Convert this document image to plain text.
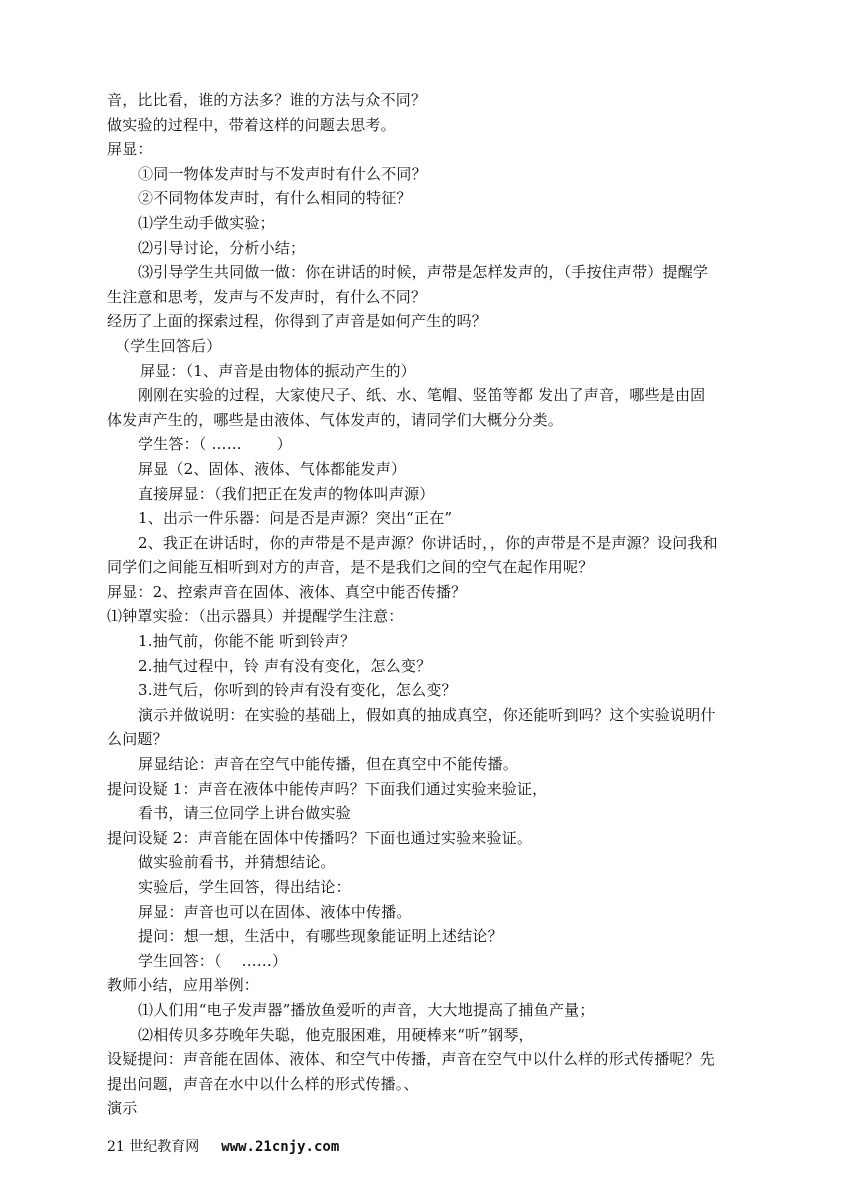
音，比比看，谁的方法多？谁的方法与众不同？
做实验的过程中，带着这样的问题去思考。
屏显：
①同一物体发声时与不发声时有什么不同？
②不同物体发声时，有什么相同的特征？
⑴学生动手做实验；
⑵引导讨论，分析小结；
⑶引导学生共同做一做：你在讲话的时候，声带是怎样发声的，（手按住声带）提醒学
生注意和思考，发声与不发声时，有什么不同？
经历了上面的探索过程，你得到了声音是如何产生的吗？
（学生回答后）
屏显：（1、声音是由物体的振动产生的）
刚刚在实验的过程，大家使尺子、纸、水、笔帽、竖笛等都 发出了声音，哪些是由固
体发声产生的，哪些是由液体、气体发声的，请同学们大概分分类。
学生答：（ ……       ）
屏显（2、固体、液体、气体都能发声）
直接屏显：（我们把正在发声的物体叫声源）
1、出示一件乐器：问是否是声源？突出“正在”
2、我正在讲话时，你的声带是不是声源？你讲话时，，你的声带是不是声源？设问我和
同学们之间能互相听到对方的声音，是不是我们之间的空气在起作用呢？
屏显：2、控索声音在固体、液体、真空中能否传播？
⑴钟罩实验：（出示器具）并提醒学生注意：
1.抽气前，你能不能 听到铃声？
2.抽气过程中，铃 声有没有变化，怎么变？
3.进气后，你听到的铃声有没有变化，怎么变？
演示并做说明：在实验的基础上，假如真的抽成真空，你还能听到吗？这个实验说明什
么问题？
屏显结论：声音在空气中能传播，但在真空中不能传播。
提问设疑 1：声音在液体中能传声吗？下面我们通过实验来验证，
看书，请三位同学上讲台做实验
提问设疑 2：声音能在固体中传播吗？下面也通过实验来验证。
做实验前看书，并猜想结论。
实验后，学生回答，得出结论：
屏显：声音也可以在固体、液体中传播。
提问：想一想，生活中，有哪些现象能证明上述结论？
学生回答：（    ……）
教师小结，应用举例：
⑴人们用“电子发声器”播放鱼爱听的声音，大大地提高了捕鱼产量；
⑵相传贝多芬晚年失聪，他克服困难，用硬棒来“听”钢琴，
设疑提问：声音能在固体、液体、和空气中传播，声音在空气中以什么样的形式传播呢？先
提出问题，声音在水中以什么样的形式传播。、
演示
21 世纪教育网 www.21cnjy.com
